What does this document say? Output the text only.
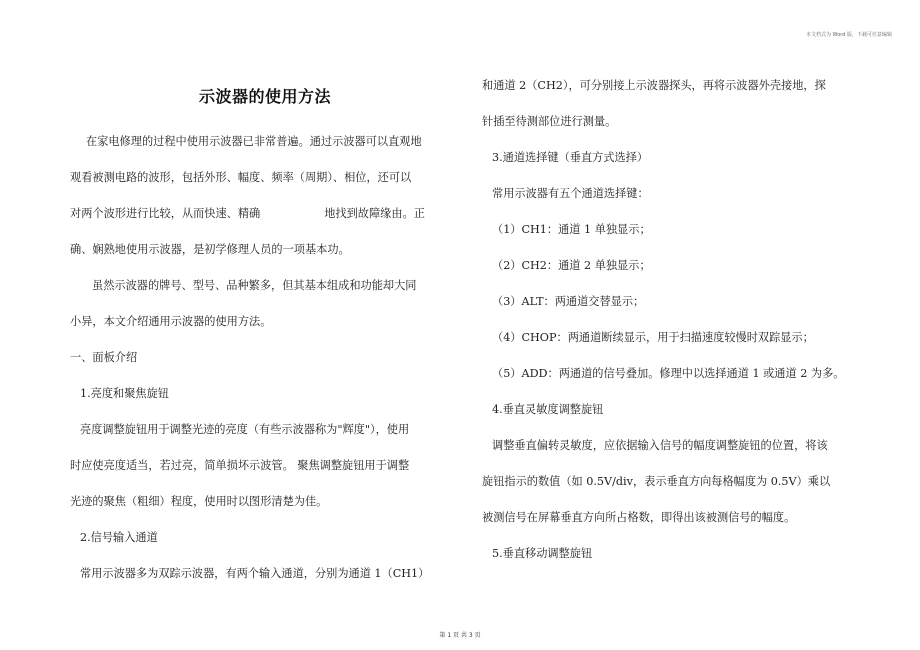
本文档式为 Word 版，下载可任意编辑
示波器的使用方法

在家电修理的过程中使用示波器已非常普遍。通过示波器可以直观地

观看被测电路的波形，包括外形、幅度、频率（周期）、相位，还可以

对两个波形进行比较，从而快速、精确	地找到故障缘由。正

确、娴熟地使用示波器，是初学修理人员的一项基本功。

虽然示波器的牌号、型号、品种繁多，但其基本组成和功能却大同

小异，本文介绍通用示波器的使用方法。

一、面板介绍

1.亮度和聚焦旋钮

亮度调整旋钮用于调整光迹的亮度（有些示波器称为"辉度"），使用

时应使亮度适当，若过亮，简单损坏示波管。 聚焦调整旋钮用于调整

光迹的聚焦（粗细）程度，使用时以图形清楚为佳。

2.信号输入通道

常用示波器多为双踪示波器，有两个输入通道，分别为通道 1（CH1）

和通道 2（CH2），可分别接上示波器探头，再将示波器外壳接地，探

针插至待测部位进行测量。

3.通道选择键（垂直方式选择）

常用示波器有五个通道选择键：

（1）CH1：通道 1 单独显示；

（2）CH2：通道 2 单独显示；

（3）ALT：两通道交替显示；

（4）CHOP：两通道断续显示，用于扫描速度较慢时双踪显示；

（5）ADD：两通道的信号叠加。修理中以选择通道 1 或通道 2 为多。

4.垂直灵敏度调整旋钮

调整垂直偏转灵敏度，应依据输入信号的幅度调整旋钮的位置，将该

旋钮指示的数值（如 0.5V/div，表示垂直方向每格幅度为 0.5V）乘以

被测信号在屏幕垂直方向所占格数，即得出该被测信号的幅度。

5.垂直移动调整旋钮

第 1 页 共 3 页
